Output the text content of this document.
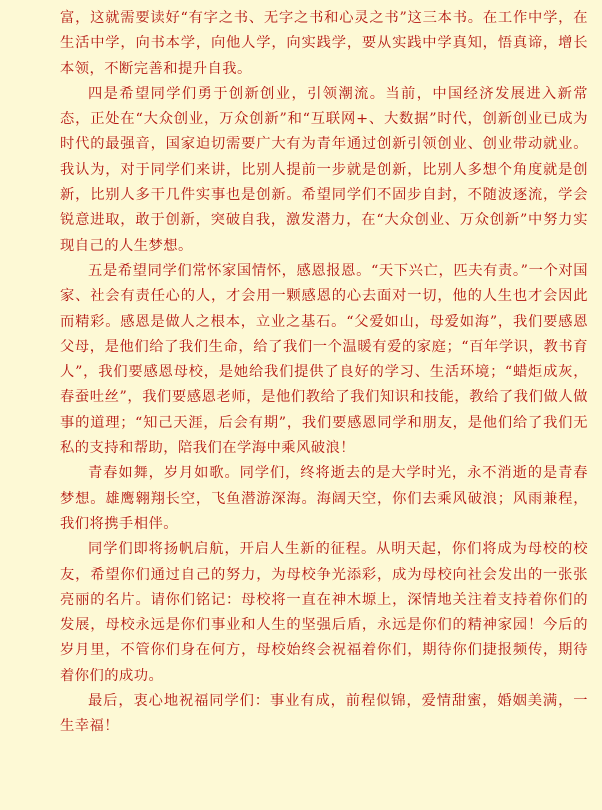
富，这就需要读好“有字之书、无字之书和心灵之书”这三本书。在工作中学，在生活中学，向书本学，向他人学，向实践学，要从实践中学真知，悟真谛，增长本领，不断完善和提升自我。

四是希望同学们勇于创新创业，引领潮流。当前，中国经济发展进入新常态，正处在“大众创业，万众创新”和“互联网+、大数据”时代，创新创业已成为时代的最强音，国家迫切需要广大有为青年通过创新引领创业、创业带动就业。我认为，对于同学们来讲，比别人提前一步就是创新，比别人多想个角度就是创新，比别人多干几件实事也是创新。希望同学们不固步自封，不随波逐流，学会锐意进取，敢于创新，突破自我，激发潜力，在“大众创业、万众创新”中努力实现自己的人生梦想。

五是希望同学们常怀家国情怀，感恩报恩。“天下兴亡，匹夫有责。”一个对国家、社会有责任心的人，才会用一颗感恩的心去面对一切，他的人生也才会因此而精彩。感恩是做人之根本，立业之基石。“父爱如山，母爱如海”，我们要感恩父母，是他们给了我们生命，给了我们一个温暖有爱的家庭；“百年学识，教书育人”，我们要感恩母校，是她给我们提供了良好的学习、生活环境；“蜡炬成灰，春蚕吐丝”，我们要感恩老师，是他们教给了我们知识和技能，教给了我们做人做事的道理；“知己天涯，后会有期”，我们要感恩同学和朋友，是他们给了我们无私的支持和帮助，陪我们在学海中乘风破浪！

青春如舞，岁月如歌。同学们，终将逝去的是大学时光，永不消逝的是青春梦想。雄鹰翱翔长空，飞鱼潜游深海。海阔天空，你们去乘风破浪；风雨兼程，我们将携手相伴。

同学们即将扬帆启航，开启人生新的征程。从明天起，你们将成为母校的校友，希望你们通过自己的努力，为母校争光添彩，成为母校向社会发出的一张张亮丽的名片。请你们铭记：母校将一直在神木塬上，深情地关注着支持着你们的发展，母校永远是你们事业和人生的坚强后盾，永远是你们的精神家园！今后的岁月里，不管你们身在何方，母校始终会祝福着你们，期待你们捷报频传，期待着你们的成功。

最后，衷心地祝福同学们：事业有成，前程似锦，爱情甜蜜，婚姻美满，一生幸福！
